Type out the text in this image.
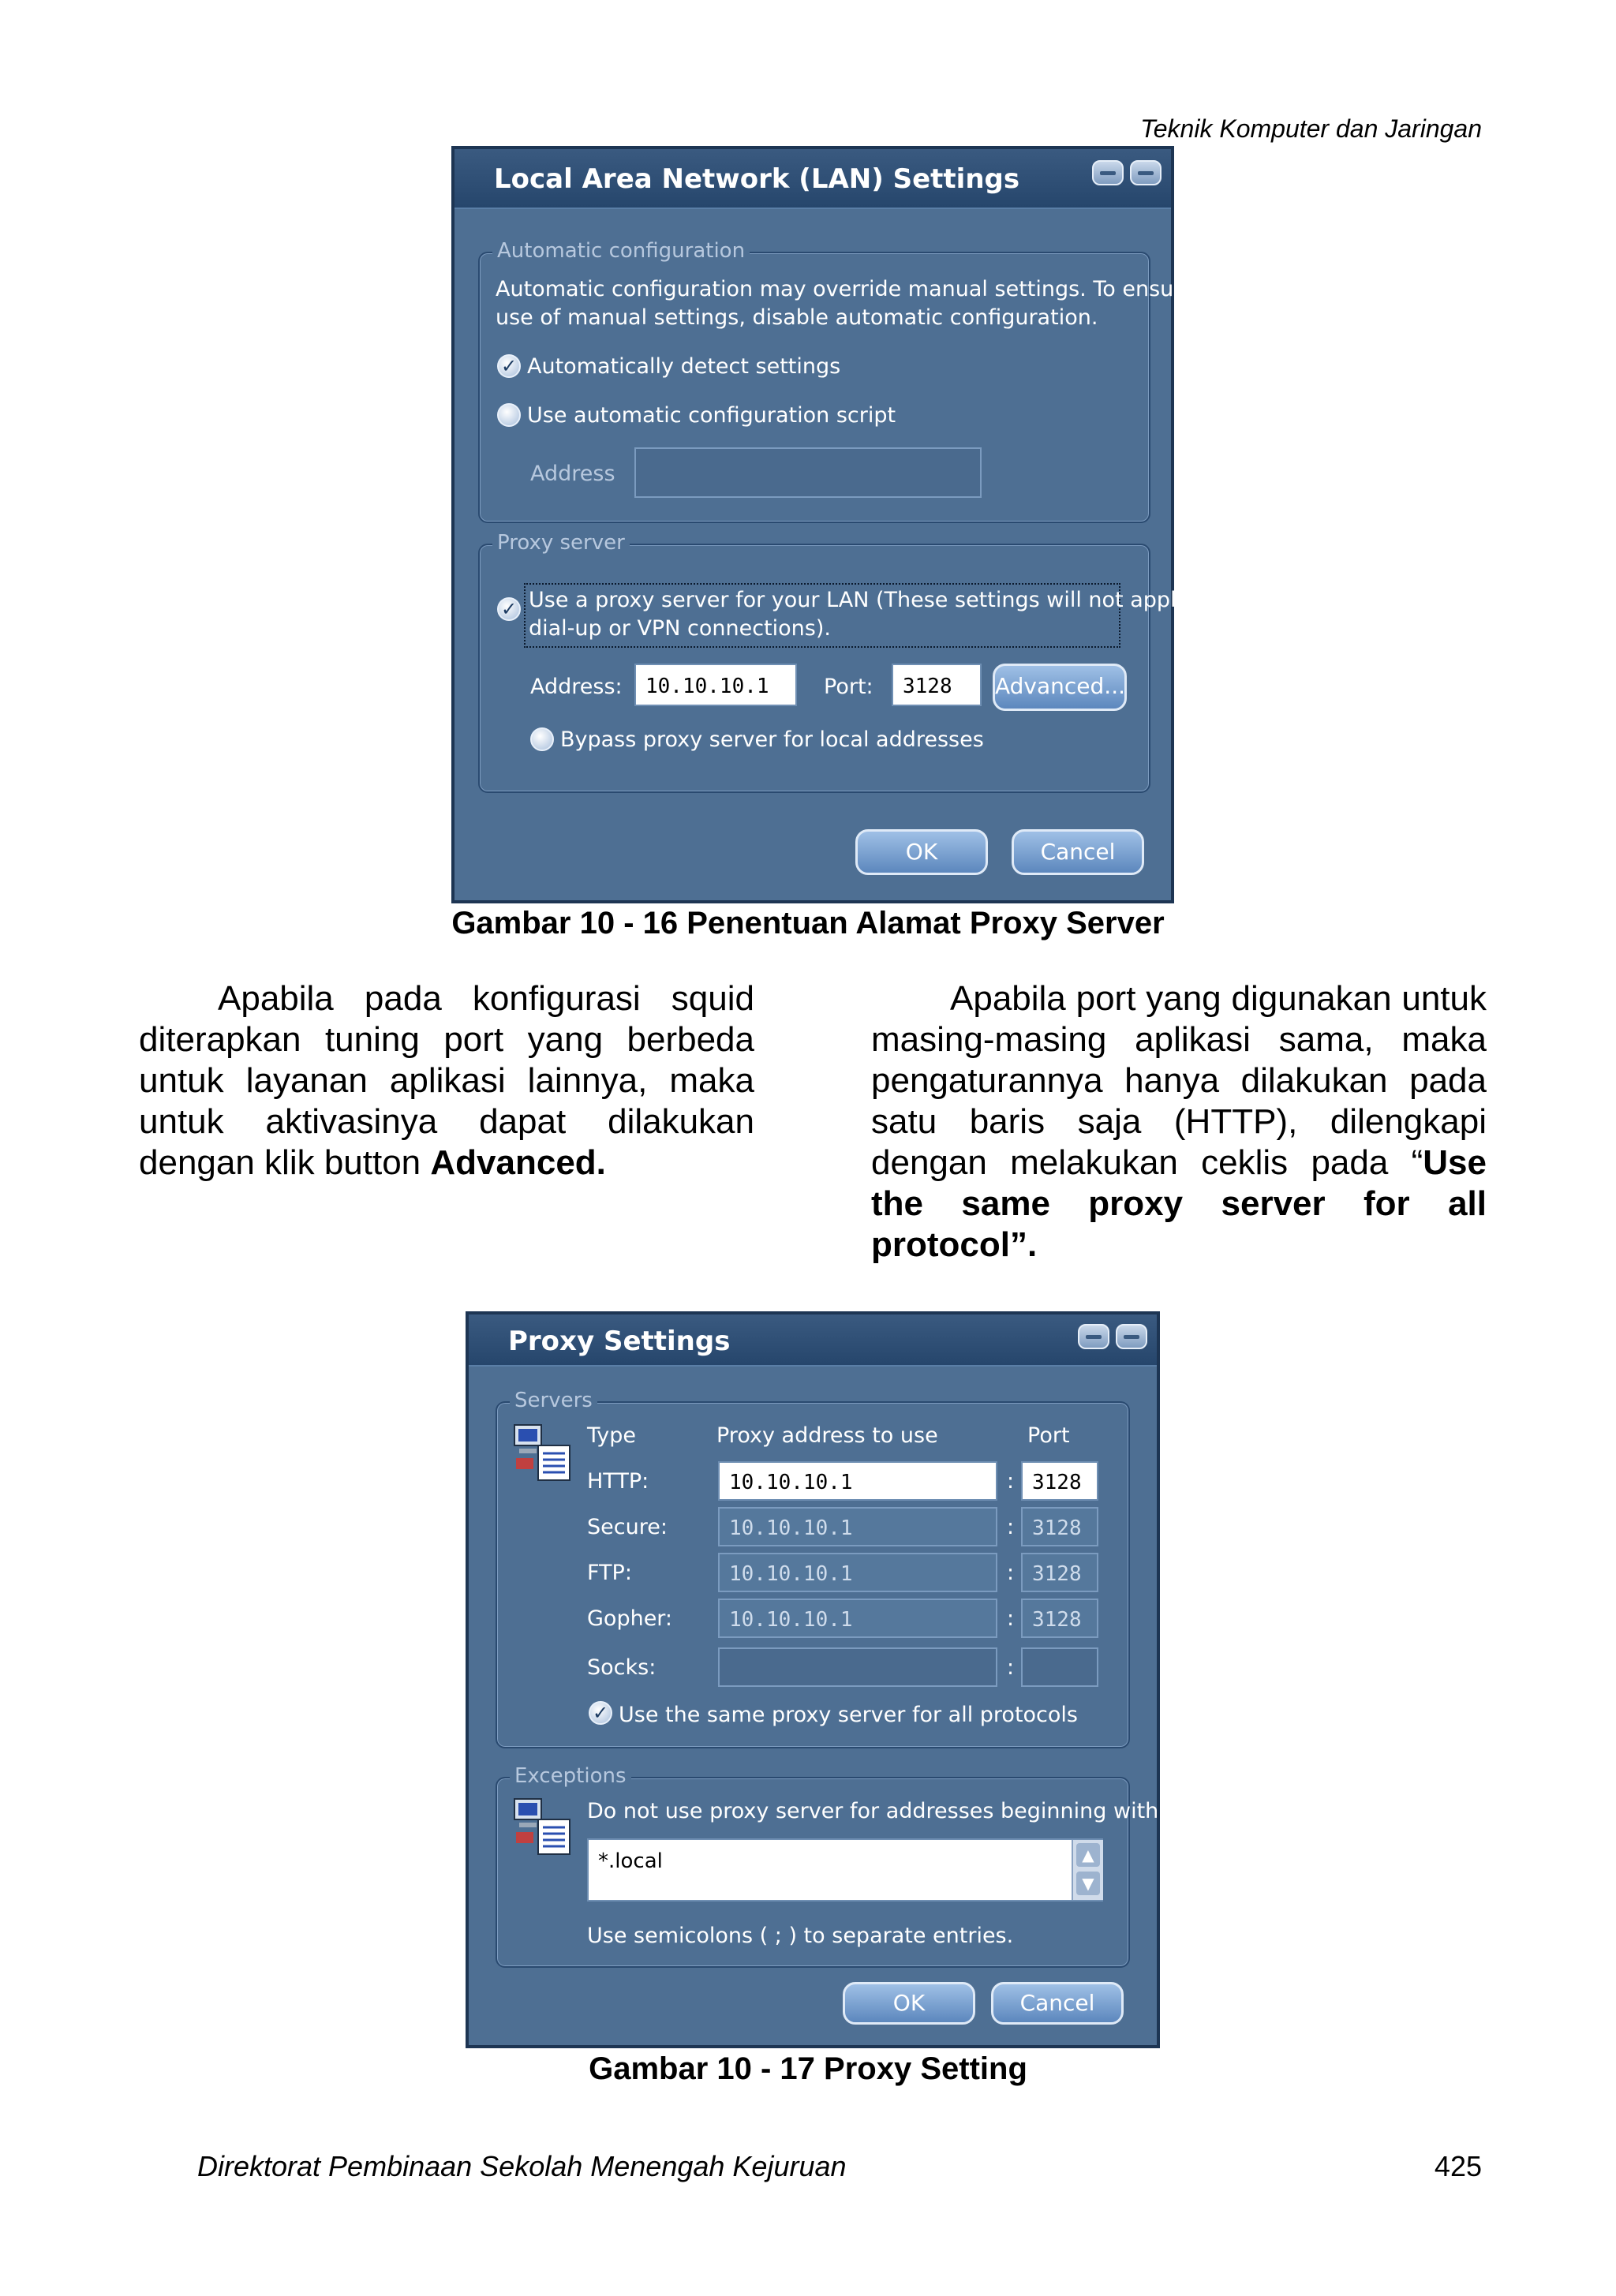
Teknik Komputer dan Jaringan
Local Area Network (LAN) Settings
Automatic configuration
Automatic configuration may override manual settings. To ensure the
use of manual settings, disable automatic configuration.
✓ Automatically detect settings
Use automatic configuration script
Address
Proxy server
✓ Use a proxy server for your LAN (These settings will not apply to
dial-up or VPN connections).
Address:	10.10.10.1	Port:	3128	Advanced...
Bypass proxy server for local addresses
OK	Cancel
Gambar 10 - 16 Penentuan Alamat Proxy Server

Apabila pada konfigurasi squid diterapkan tuning port yang berbeda untuk layanan aplikasi lainnya, maka untuk aktivasinya dapat dilakukan dengan klik button Advanced.

Apabila port yang digunakan untuk masing-masing aplikasi sama, maka pengaturannya hanya dilakukan pada satu baris saja (HTTP), dilengkapi dengan melakukan ceklis pada “Use the same proxy server for all protocol”.

Proxy Settings
Servers
Type	Proxy address to use	Port
HTTP:	10.10.10.1	: 3128
Secure:	10.10.10.1	: 3128
FTP:	10.10.10.1	: 3128
Gopher:	10.10.10.1	: 3128
Socks:	:
✓ Use the same proxy server for all protocols
Exceptions
Do not use proxy server for addresses beginning with:
*.local	▲
▼
Use semicolons ( ; ) to separate entries.
OK	Cancel
Gambar 10 - 17 Proxy Setting
Direktorat Pembinaan Sekolah Menengah Kejuruan	425
